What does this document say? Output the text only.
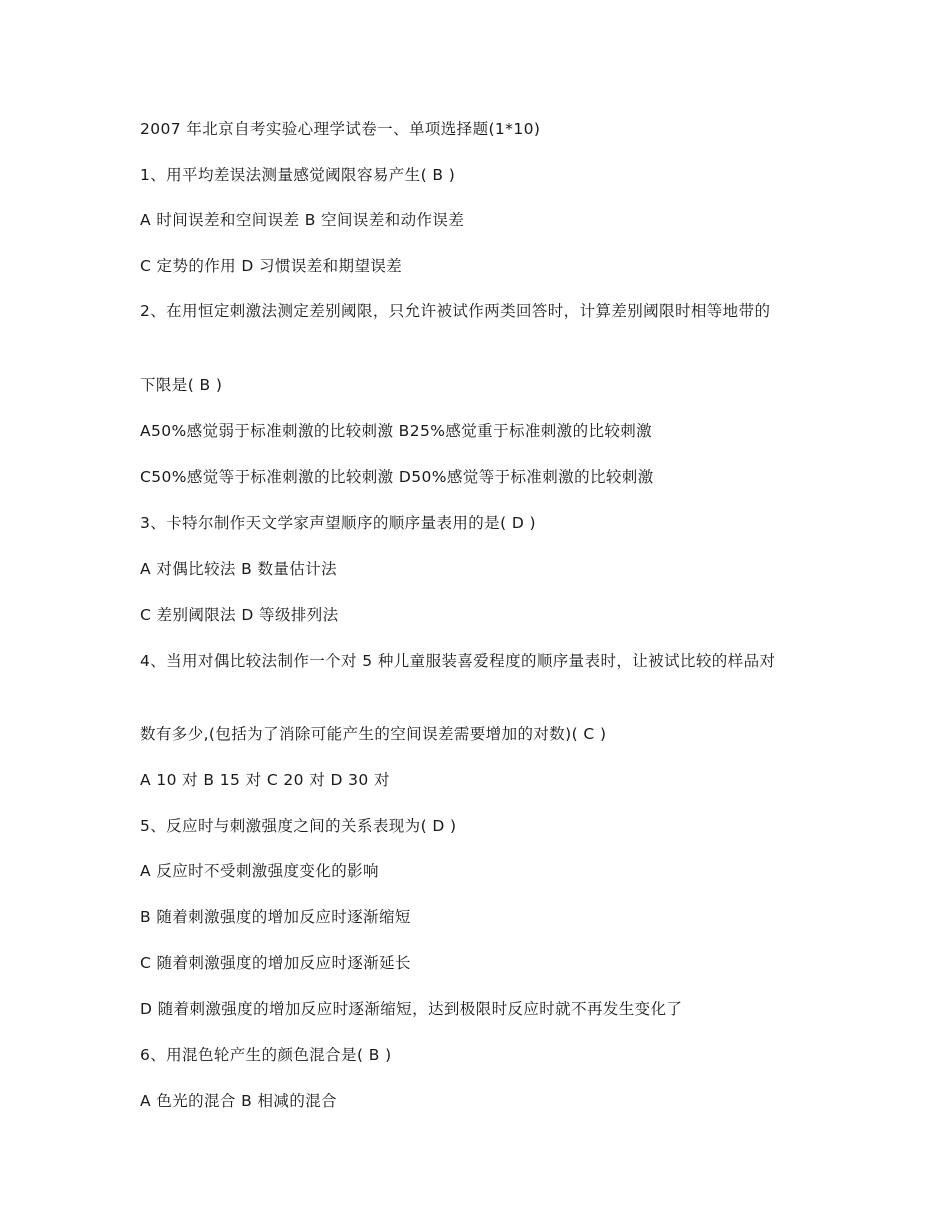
2007 年北京自考实验心理学试卷一、单项选择题(1*10)

1、用平均差误法测量感觉阈限容易产生( B )

A 时间误差和空间误差 B 空间误差和动作误差

C 定势的作用 D 习惯误差和期望误差

2、在用恒定刺激法测定差别阈限，只允许被试作两类回答时，计算差别阈限时相等地带的

下限是( B )

A50%感觉弱于标准刺激的比较刺激 B25%感觉重于标准刺激的比较刺激

C50%感觉等于标准刺激的比较刺激 D50%感觉等于标准刺激的比较刺激

3、卡特尔制作天文学家声望顺序的顺序量表用的是( D )

A 对偶比较法 B 数量估计法

C 差别阈限法 D 等级排列法

4、当用对偶比较法制作一个对 5 种儿童服装喜爱程度的顺序量表时，让被试比较的样品对

数有多少,(包括为了消除可能产生的空间误差需要增加的对数)( C )

A 10 对 B 15 对 C 20 对 D 30 对

5、反应时与刺激强度之间的关系表现为( D )

A 反应时不受刺激强度变化的影响

B 随着刺激强度的增加反应时逐渐缩短

C 随着刺激强度的增加反应时逐渐延长

D 随着刺激强度的增加反应时逐渐缩短，达到极限时反应时就不再发生变化了

6、用混色轮产生的颜色混合是( B )

A 色光的混合 B 相减的混合
